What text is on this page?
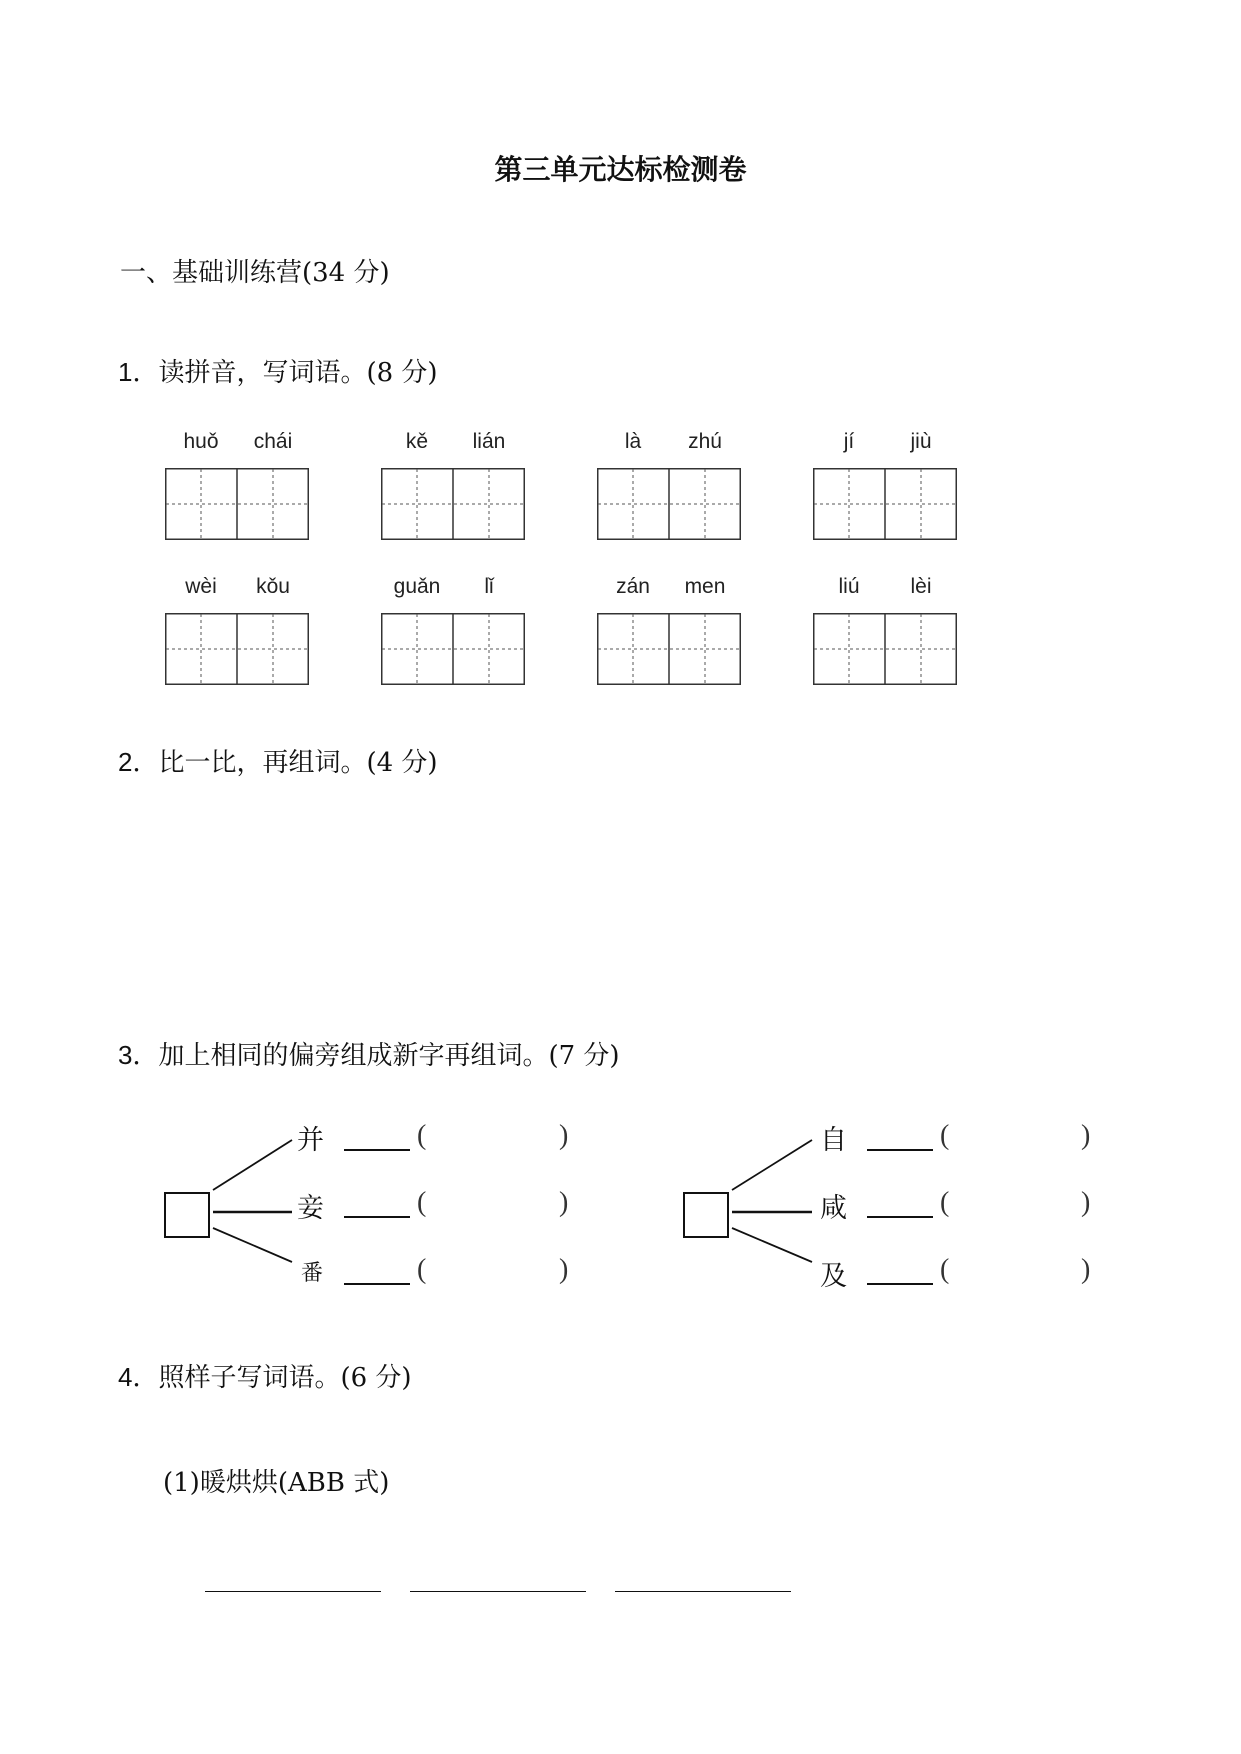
第三单元达标检测卷
一、基础训练营(34 分)
1．读拼音，写词语。(8 分)
huǒ	chái	kě	lián	là	zhú	jí	jiù
wèi	kǒu	guǎn	lǐ	zán	men	liú	lèi
2．比一比，再组词。(4 分)
3．加上相同的偏旁组成新字再组词。(7 分)
并
妾
番
(	)
(	)
(	)
自
咸
及
(	)
(	)
(	)
4．照样子写词语。(6 分)
(1)暖烘烘(ABB 式)
